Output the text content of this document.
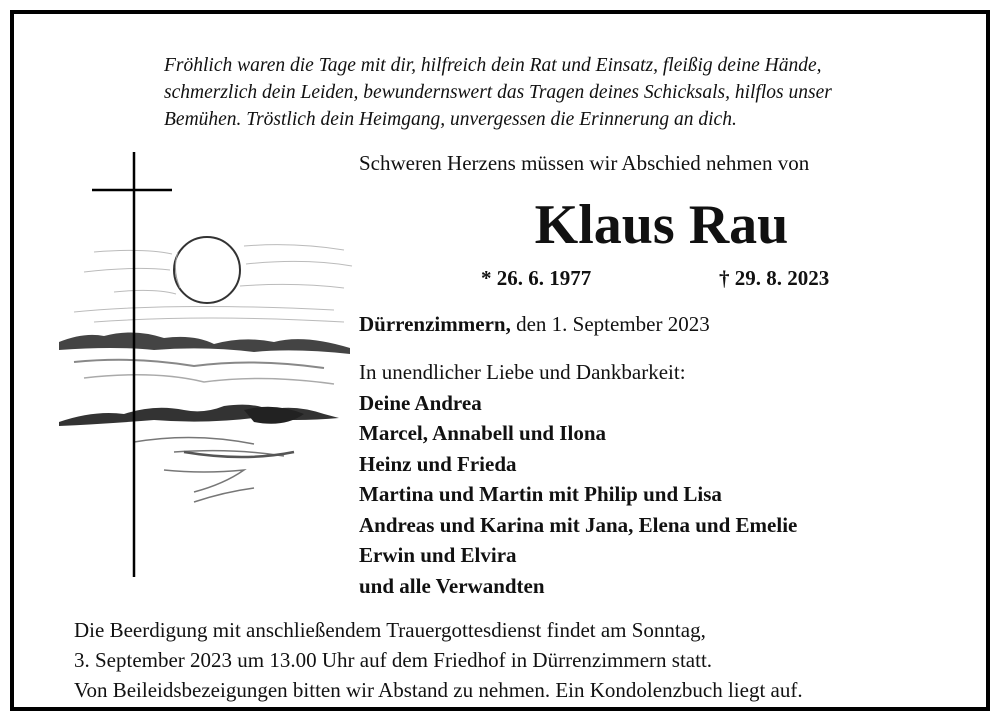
Fröhlich waren die Tage mit dir, hilfreich dein Rat und Einsatz, fleißig deine Hände,
schmerzlich dein Leiden, bewundernswert das Tragen deines Schicksals, hilflos unser
Bemühen. Tröstlich dein Heimgang, unvergessen die Erinnerung an dich.
Schweren Herzens müssen wir Abschied nehmen von
Klaus Rau
* 26. 6. 1977	† 29. 8. 2023
Dürrenzimmern, den 1. September 2023
In unendlicher Liebe und Dankbarkeit:
Deine Andrea
Marcel, Annabell und Ilona
Heinz und Frieda
Martina und Martin mit Philip und Lisa
Andreas und Karina mit Jana, Elena und Emelie
Erwin und Elvira
und alle Verwandten
Die Beerdigung mit anschließendem Trauergottesdienst findet am Sonntag,
3. September 2023 um 13.00 Uhr auf dem Friedhof in Dürrenzimmern statt.
Von Beileidsbezeigungen bitten wir Abstand zu nehmen. Ein Kondolenzbuch liegt auf.
